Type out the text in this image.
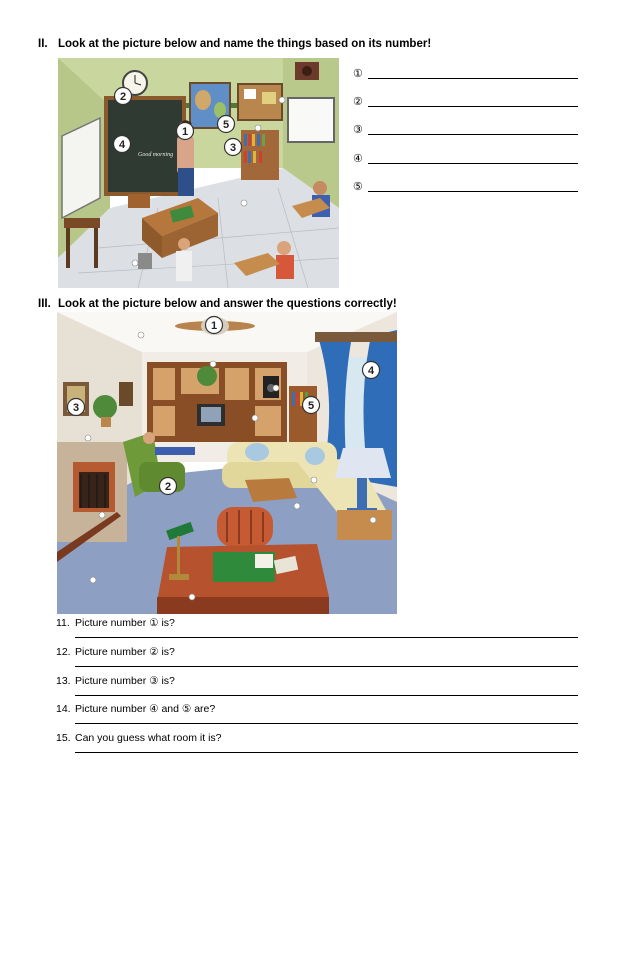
II. Look at the picture below and name the things based on its number!
Good morning
1
2
3
4
5
①
②
③
④
⑤
III. Look at the picture below and answer the questions correctly!
1
2
3
4
5
11. Picture number ① is?
12. Picture number ② is?
13. Picture number ③ is?
14. Picture number ④ and ⑤ are?
15. Can you guess what room it is?
